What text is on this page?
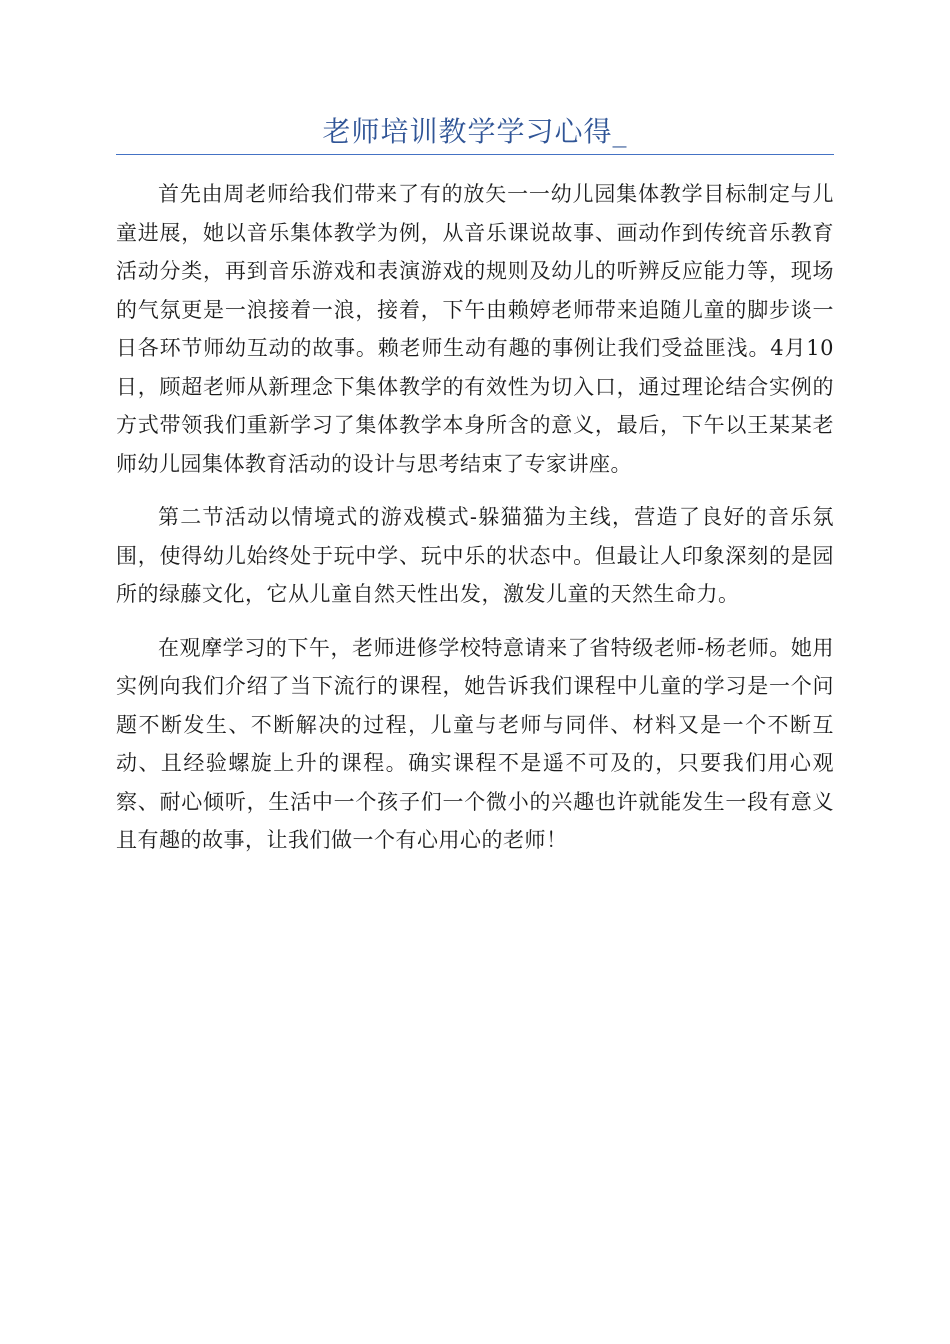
老师培训教学学习心得_

首先由周老师给我们带来了有的放矢一一幼儿园集体教学目标制定与儿童进展，她以音乐集体教学为例，从音乐课说故事、画动作到传统音乐教育活动分类，再到音乐游戏和表演游戏的规则及幼儿的听辨反应能力等，现场的气氛更是一浪接着一浪，接着，下午由赖婷老师带来追随儿童的脚步谈一日各环节师幼互动的故事。赖老师生动有趣的事例让我们受益匪浅。4月10日，顾超老师从新理念下集体教学的有效性为切入口，通过理论结合实例的方式带领我们重新学习了集体教学本身所含的意义，最后，下午以王某某老师幼儿园集体教育活动的设计与思考结束了专家讲座。

第二节活动以情境式的游戏模式-躲猫猫为主线，营造了良好的音乐氛围，使得幼儿始终处于玩中学、玩中乐的状态中。但最让人印象深刻的是园所的绿藤文化，它从儿童自然天性出发，激发儿童的天然生命力。

在观摩学习的下午，老师进修学校特意请来了省特级老师-杨老师。她用实例向我们介绍了当下流行的课程，她告诉我们课程中儿童的学习是一个问题不断发生、不断解决的过程，儿童与老师与同伴、材料又是一个不断互动、且经验螺旋上升的课程。确实课程不是遥不可及的，只要我们用心观察、耐心倾听，生活中一个孩子们一个微小的兴趣也许就能发生一段有意义且有趣的故事，让我们做一个有心用心的老师！
